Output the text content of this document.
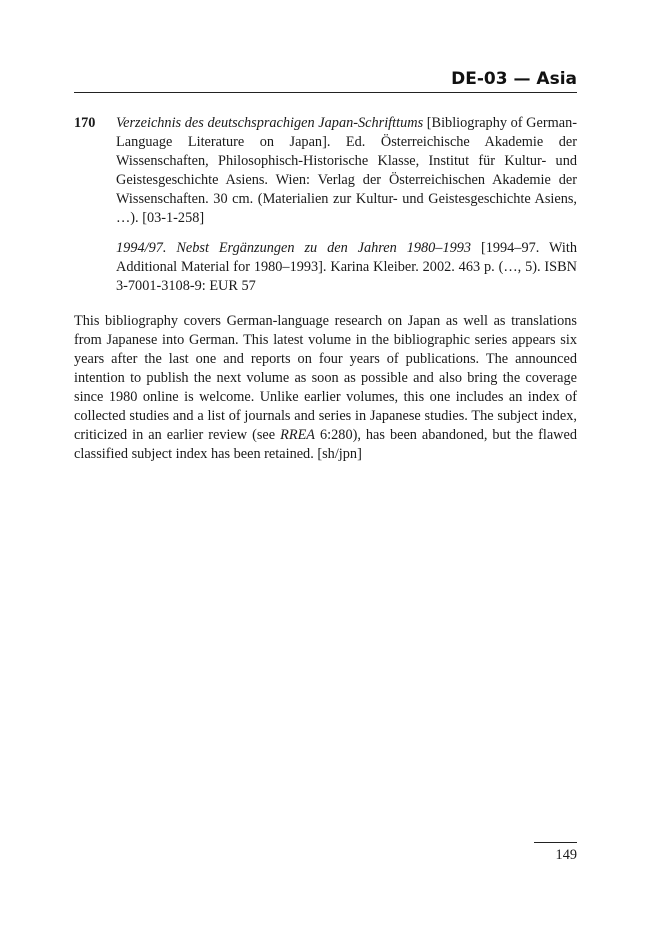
DE-03 — Asia
170 Verzeichnis des deutschsprachigen Japan-Schrifttums [Bibliography of German-Language Literature on Japan]. Ed. Österreichische Akademie der Wissenschaften, Philosophisch-Historische Klasse, Institut für Kultur- und Geistesgeschichte Asiens. Wien: Verlag der Österreichischen Akademie der Wissenschaften. 30 cm. (Materialien zur Kultur- und Geistesgeschichte Asiens, …). [03-1-258]

1994/97. Nebst Ergänzungen zu den Jahren 1980–1993 [1994–97. With Additional Material for 1980–1993]. Karina Kleiber. 2002. 463 p. (…, 5). ISBN 3-7001-3108-9: EUR 57

This bibliography covers German-language research on Japan as well as translations from Japanese into German. This latest volume in the bibliographic series appears six years after the last one and reports on four years of publications. The announced intention to publish the next volume as soon as possible and also bring the coverage since 1980 online is welcome. Unlike earlier volumes, this one includes an index of collected studies and a list of journals and series in Japanese studies. The subject index, criticized in an earlier review (see RREA 6:280), has been abandoned, but the flawed classified subject index has been retained. [sh/jpn]

149
